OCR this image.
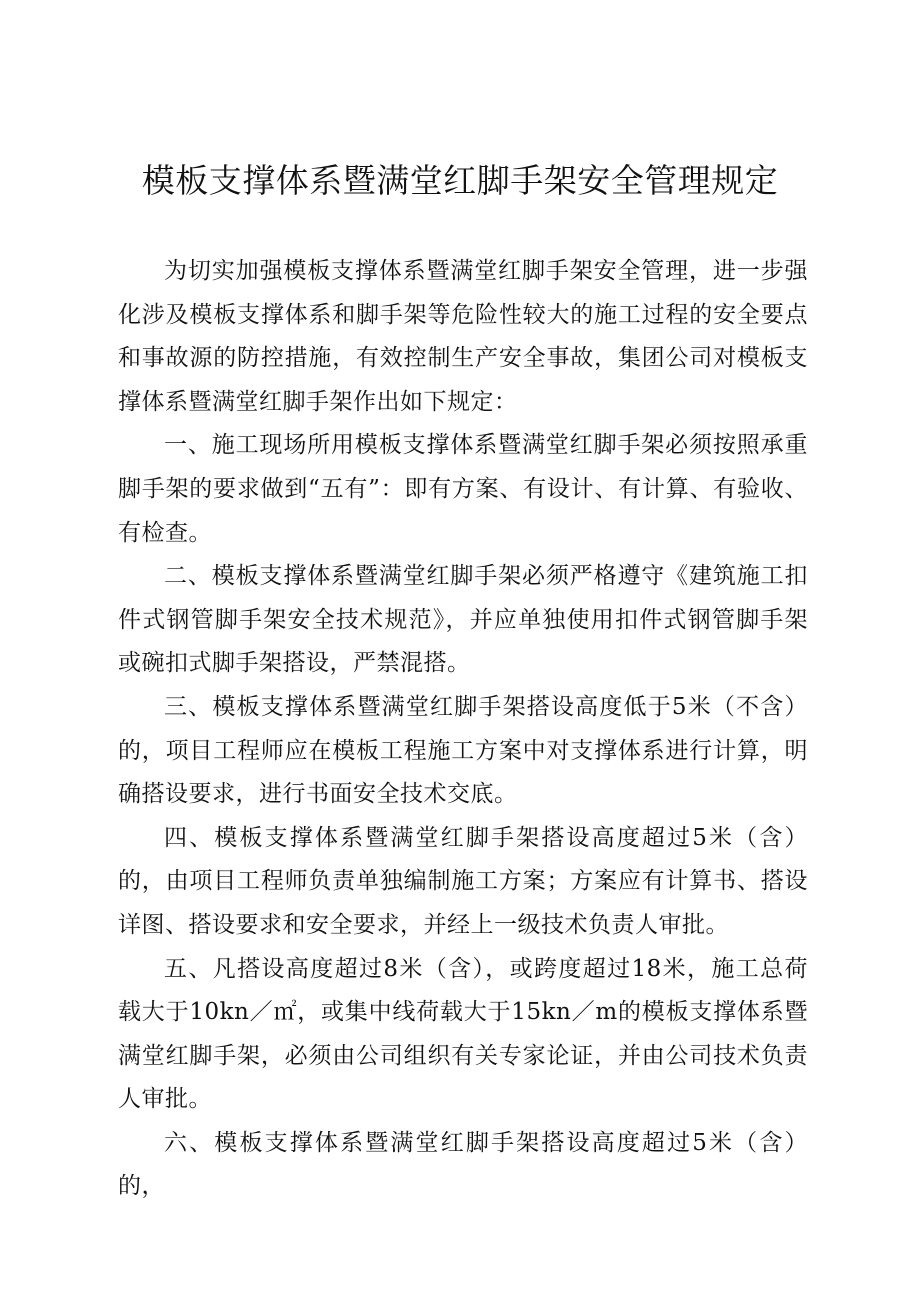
模板支撑体系暨满堂红脚手架安全管理规定

为切实加强模板支撑体系暨满堂红脚手架安全管理，进一步强化涉及模板支撑体系和脚手架等危险性较大的施工过程的安全要点和事故源的防控措施，有效控制生产安全事故，集团公司对模板支撑体系暨满堂红脚手架作出如下规定：

一、施工现场所用模板支撑体系暨满堂红脚手架必须按照承重脚手架的要求做到“五有”：即有方案、有设计、有计算、有验收、有检查。

二、模板支撑体系暨满堂红脚手架必须严格遵守《建筑施工扣件式钢管脚手架安全技术规范》，并应单独使用扣件式钢管脚手架或碗扣式脚手架搭设，严禁混搭。

三、模板支撑体系暨满堂红脚手架搭设高度低于5米（不含）的，项目工程师应在模板工程施工方案中对支撑体系进行计算，明确搭设要求，进行书面安全技术交底。

四、模板支撑体系暨满堂红脚手架搭设高度超过5米（含）的，由项目工程师负责单独编制施工方案；方案应有计算书、搭设详图、搭设要求和安全要求，并经上一级技术负责人审批。

五、凡搭设高度超过8米（含），或跨度超过18米，施工总荷载大于10kn／㎡，或集中线荷载大于15kn／m的模板支撑体系暨满堂红脚手架，必须由公司组织有关专家论证，并由公司技术负责人审批。

六、模板支撑体系暨满堂红脚手架搭设高度超过5米（含）的，
